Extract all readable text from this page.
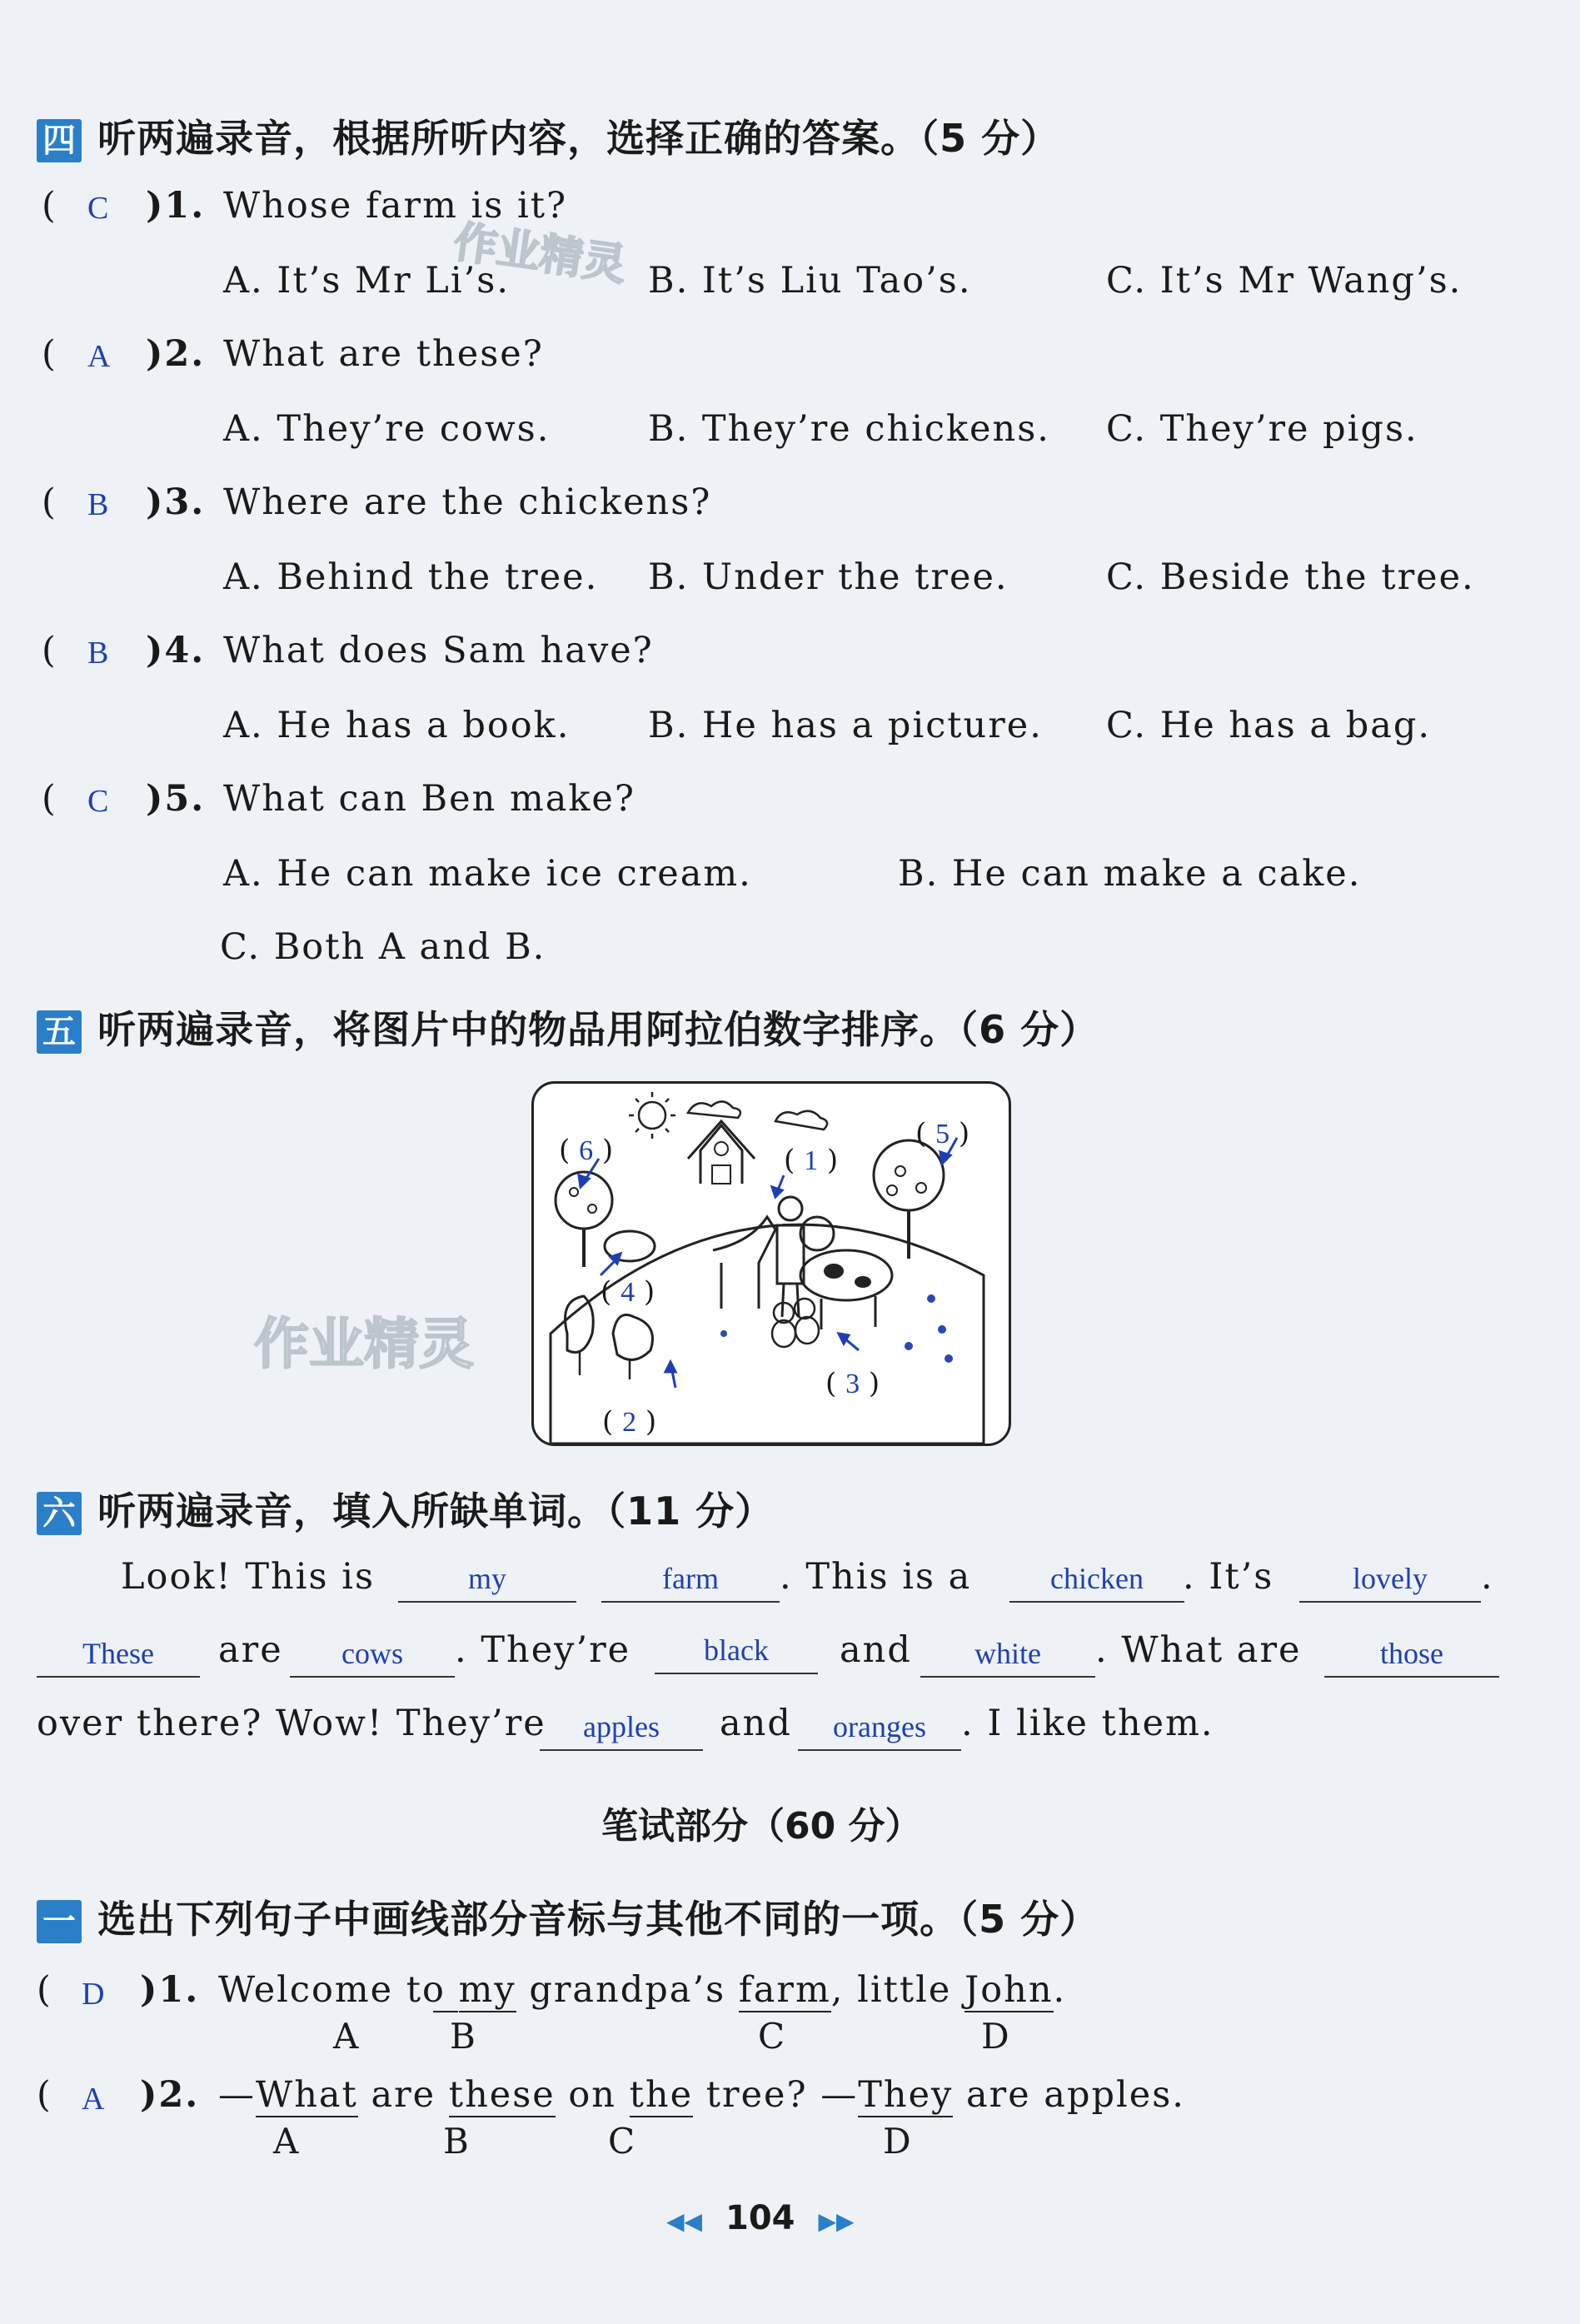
四 听两遍录音，根据所听内容，选择正确的答案。（5 分）
( C )1. Whose farm is it?
A. It’s Mr Li’s.	B. It’s Liu Tao’s.	C. It’s Mr Wang’s.
( A )2. What are these?
A. They’re cows.	B. They’re chickens. C. They’re pigs.
( B )3. Where are the chickens?
A. Behind the tree. B. Under the tree.	C. Beside the tree.
( B )4. What does Sam have?
A. He has a book. B. He has a picture. C. He has a bag.
( C )5. What can Ben make?
A. He can make ice cream.	B. He can make a cake.
C. Both A and B.
作业精灵
五 听两遍录音，将图片中的物品用阿拉伯数字排序。（6 分）
( 6 )	( 1 )
( 5 )
( 4 )
( 3 )
( 2 )
作业精灵
六 听两遍录音，填入所缺单词。（11 分）
Look! This is	my	farm	. This is a	chicken	. It’s	lovely	.
These	are	cows	. They’re	black	and	white	. What are	those
over there? Wow! They’re	apples	and	oranges . I like them.
笔试部分（60 分）
一 选出下列句子中画线部分音标与其他不同的一项。（5 分）
( D )1. Welcome to my grandpa’s farm, little John.
A	B	C	D
( A )2. —What are these on the tree? —They are apples.
A	B	C	D
◀◀ 104 ▶▶
